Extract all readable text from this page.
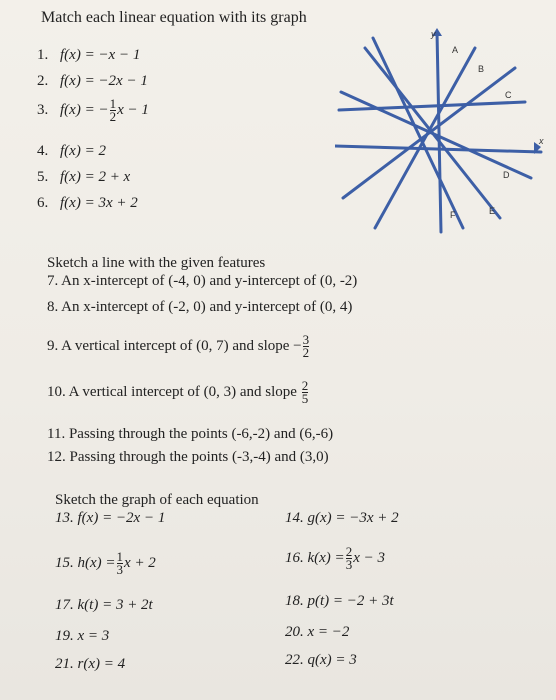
Match each linear equation with its graph
1. f(x) = −x − 1
2. f(x) = −2x − 1
3. f(x) = − $\frac{1}{2}$ x − 1
4. f(x) = 2
5. f(x) = 2 + x
6. f(x) = 3x + 2
y
x
A
B
C
D
E
F
Sketch a line with the given features
7. An x-intercept of (-4, 0) and y-intercept of (0, -2)
8. An x-intercept of (-2, 0) and y-intercept of (0, 4)
9. A vertical intercept of (0, 7) and slope − $\frac{3}{2}$
10. A vertical intercept of (0, 3) and slope $\frac{2}{5}$
11. Passing through the points (-6,-2) and (6,-6)
12. Passing through the points (-3,-4) and (3,0)
Sketch the graph of each equation
13. f(x) = −2x − 1	14. g(x) = −3x + 2
15. $h(x) = \frac{1}{3}$ x + 2	16. $k(x) = \frac{2}{3}$ x − 3
17. k(t) = 3 + 2t	18. p(t) = −2 + 3t
19. x = 3	20. x = −2
21. r(x) = 4	22. q(x) = 3
